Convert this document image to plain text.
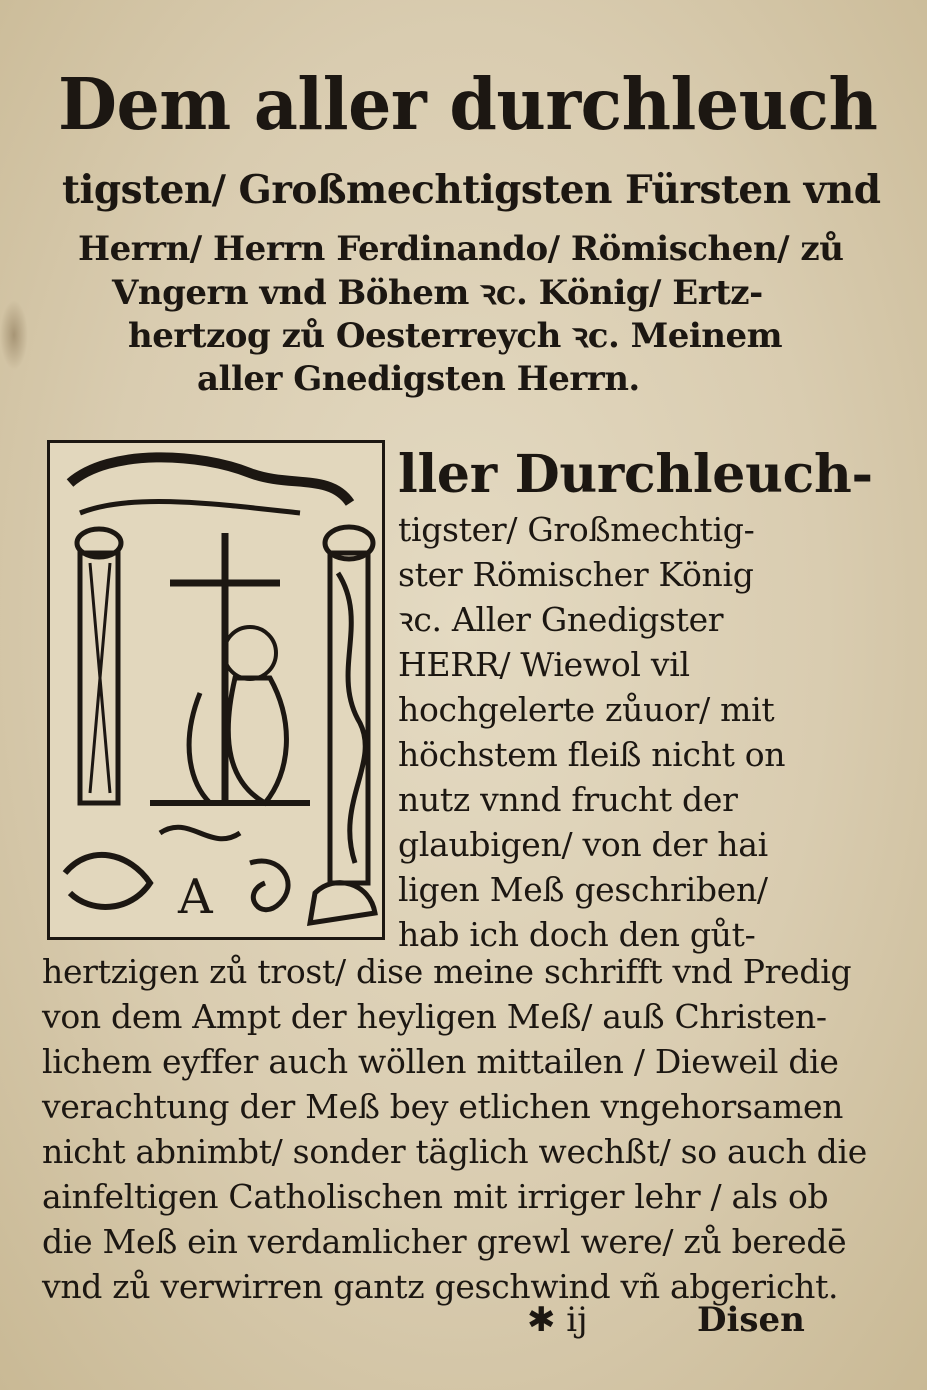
Dem aller durchleuch
tigsten/ Großmechtigsten Fürsten vnd
Herrn/ Herrn Ferdinando/ Römischen/ zů
Vngern vnd Böhem ꝛc. König/ Ertz-
hertzog zů Oesterreych ꝛc. Meinem
aller Gnedigsten Herrn.
A
ller Durchleuch-
tigster/ Großmechtig-
ster Römischer König
ꝛc. Aller Gnedigster
HERR/ Wiewol vil
hochgelerte zůuor/ mit
höchstem fleiß nicht on
nutz vnnd frucht der
glaubigen/ von der hai
ligen Meß geschriben/
hab ich doch den gůt-
hertzigen zů trost/ dise meine schrifft vnd Predig
von dem Ampt der heyligen Meß/ auß Christen-
lichem eyffer auch wöllen mittailen / Dieweil die
verachtung der Meß bey etlichen vngehorsamen
nicht abnimbt/ sonder täglich wechßt/ so auch die
ainfeltigen Catholischen mit irriger lehr / als ob
die Meß ein verdamlicher grewl were/ zů beredē
vnd zů verwirren gantz geschwind vñ abgericht.
✱ ij	Disen
